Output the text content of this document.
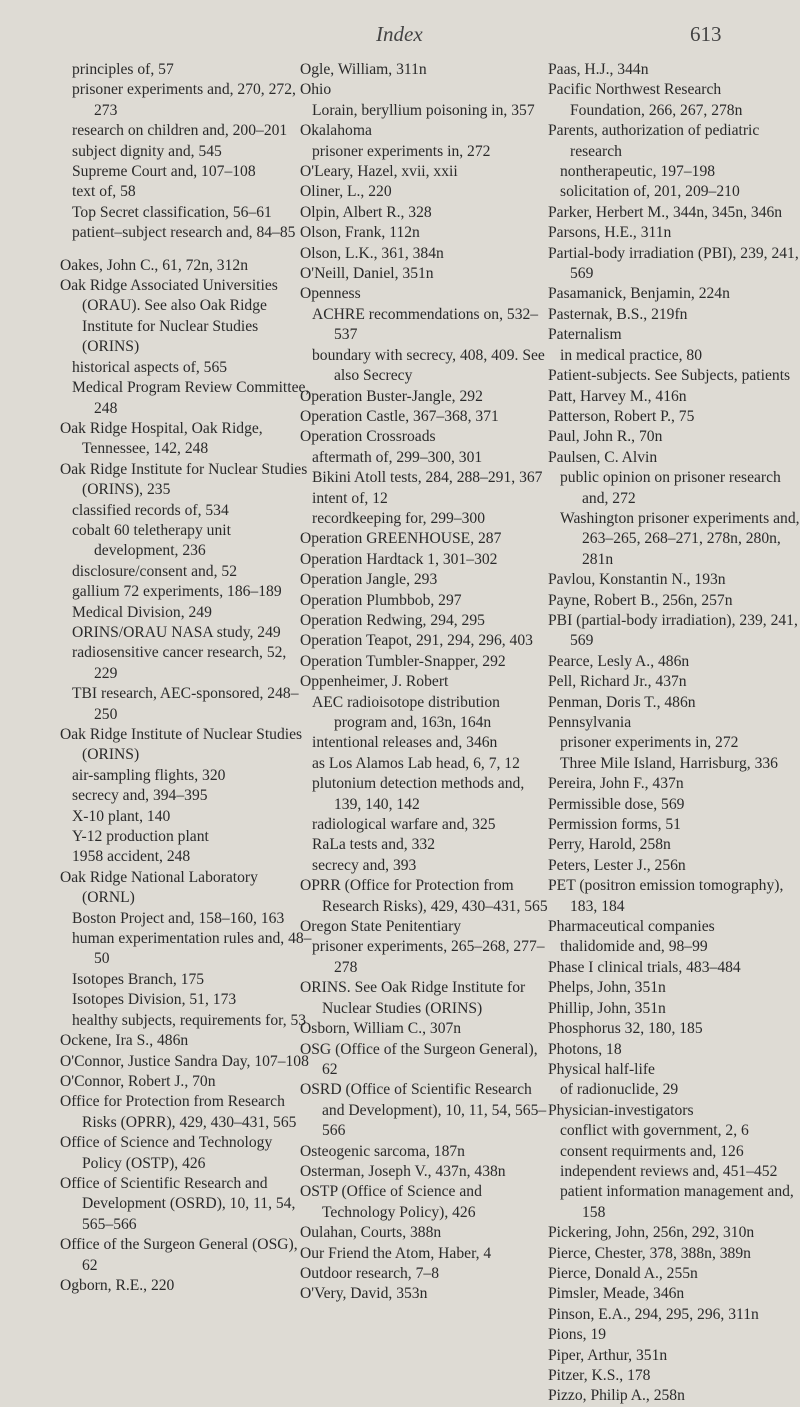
Index	613
principles of, 57
prisoner experiments and, 270, 272, 273
research on children and, 200–201
subject dignity and, 545
Supreme Court and, 107–108
text of, 58
Top Secret classification, 56–61
patient–subject research and, 84–85
Oakes, John C., 61, 72n, 312n
Oak Ridge Associated Universities (ORAU). See also Oak Ridge Institute for Nuclear Studies (ORINS)
historical aspects of, 565
Medical Program Review Committee, 248
Oak Ridge Hospital, Oak Ridge, Tennessee, 142, 248
Oak Ridge Institute for Nuclear Studies (ORINS), 235
classified records of, 534
cobalt 60 teletherapy unit development, 236
disclosure/consent and, 52
gallium 72 experiments, 186–189
Medical Division, 249
ORINS/ORAU NASA study, 249
radiosensitive cancer research, 52, 229
TBI research, AEC-sponsored, 248–250
Oak Ridge Institute of Nuclear Studies (ORINS)
air-sampling flights, 320
secrecy and, 394–395
X-10 plant, 140
Y-12 production plant
1958 accident, 248
Oak Ridge National Laboratory (ORNL)
Boston Project and, 158–160, 163
human experimentation rules and, 48–50
Isotopes Branch, 175
Isotopes Division, 51, 173
healthy subjects, requirements for, 53
Ockene, Ira S., 486n
O'Connor, Justice Sandra Day, 107–108
O'Connor, Robert J., 70n
Office for Protection from Research Risks (OPRR), 429, 430–431, 565
Office of Science and Technology Policy (OSTP), 426
Office of Scientific Research and Development (OSRD), 10, 11, 54, 565–566
Office of the Surgeon General (OSG), 62
Ogborn, R.E., 220
Ogle, William, 311n
Ohio
Lorain, beryllium poisoning in, 357
Okalahoma
prisoner experiments in, 272
O'Leary, Hazel, xvii, xxii
Oliner, L., 220
Olpin, Albert R., 328
Olson, Frank, 112n
Olson, L.K., 361, 384n
O'Neill, Daniel, 351n
Openness
ACHRE recommendations on, 532–537
boundary with secrecy, 408, 409. See also Secrecy
Operation Buster-Jangle, 292
Operation Castle, 367–368, 371
Operation Crossroads
aftermath of, 299–300, 301
Bikini Atoll tests, 284, 288–291, 367
intent of, 12
recordkeeping for, 299–300
Operation GREENHOUSE, 287
Operation Hardtack 1, 301–302
Operation Jangle, 293
Operation Plumbbob, 297
Operation Redwing, 294, 295
Operation Teapot, 291, 294, 296, 403
Operation Tumbler-Snapper, 292
Oppenheimer, J. Robert
AEC radioisotope distribution program and, 163n, 164n
intentional releases and, 346n
as Los Alamos Lab head, 6, 7, 12
plutonium detection methods and, 139, 140, 142
radiological warfare and, 325
RaLa tests and, 332
secrecy and, 393
OPRR (Office for Protection from Research Risks), 429, 430–431, 565
Oregon State Penitentiary
prisoner experiments, 265–268, 277–278
ORINS. See Oak Ridge Institute for Nuclear Studies (ORINS)
Osborn, William C., 307n
OSG (Office of the Surgeon General), 62
OSRD (Office of Scientific Research and Development), 10, 11, 54, 565–566
Osteogenic sarcoma, 187n
Osterman, Joseph V., 437n, 438n
OSTP (Office of Science and Technology Policy), 426
Oulahan, Courts, 388n
Our Friend the Atom, Haber, 4
Outdoor research, 7–8
O'Very, David, 353n
Paas, H.J., 344n
Pacific Northwest Research Foundation, 266, 267, 278n
Parents, authorization of pediatric research
nontherapeutic, 197–198
solicitation of, 201, 209–210
Parker, Herbert M., 344n, 345n, 346n
Parsons, H.E., 311n
Partial-body irradiation (PBI), 239, 241, 569
Pasamanick, Benjamin, 224n
Pasternak, B.S., 219fn
Paternalism
in medical practice, 80
Patient-subjects. See Subjects, patients
Patt, Harvey M., 416n
Patterson, Robert P., 75
Paul, John R., 70n
Paulsen, C. Alvin
public opinion on prisoner research and, 272
Washington prisoner experiments and, 263–265, 268–271, 278n, 280n, 281n
Pavlou, Konstantin N., 193n
Payne, Robert B., 256n, 257n
PBI (partial-body irradiation), 239, 241, 569
Pearce, Lesly A., 486n
Pell, Richard Jr., 437n
Penman, Doris T., 486n
Pennsylvania
prisoner experiments in, 272
Three Mile Island, Harrisburg, 336
Pereira, John F., 437n
Permissible dose, 569
Permission forms, 51
Perry, Harold, 258n
Peters, Lester J., 256n
PET (positron emission tomography), 183, 184
Pharmaceutical companies
thalidomide and, 98–99
Phase I clinical trials, 483–484
Phelps, John, 351n
Phillip, John, 351n
Phosphorus 32, 180, 185
Photons, 18
Physical half-life
of radionuclide, 29
Physician-investigators
conflict with government, 2, 6
consent requirments and, 126
independent reviews and, 451–452
patient information management and, 158
Pickering, John, 256n, 292, 310n
Pierce, Chester, 378, 388n, 389n
Pierce, Donald A., 255n
Pimsler, Meade, 346n
Pinson, E.A., 294, 295, 296, 311n
Pions, 19
Piper, Arthur, 351n
Pitzer, K.S., 178
Pizzo, Philip A., 258n
